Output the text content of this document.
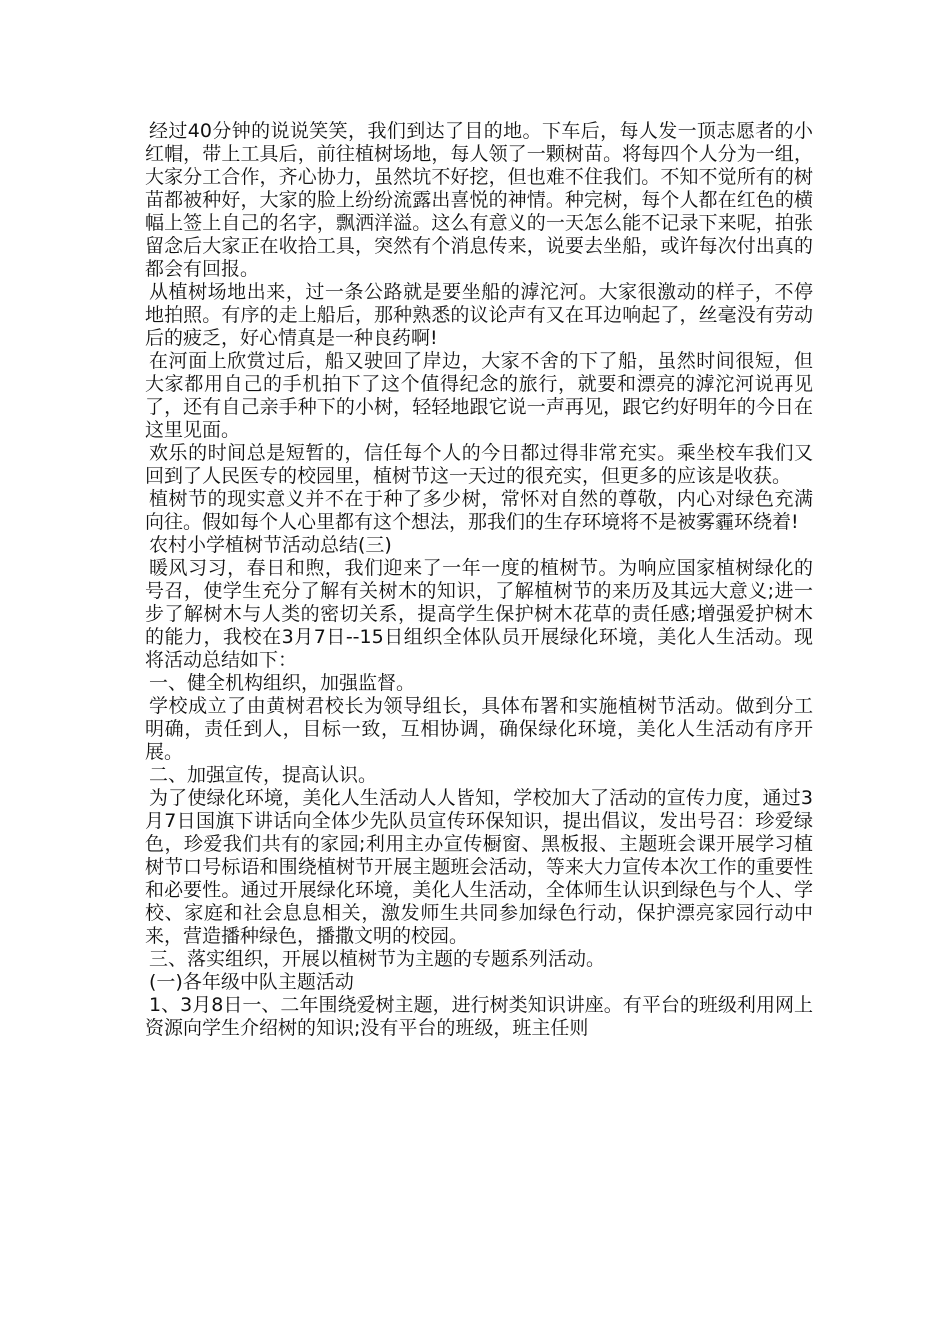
经过40分钟的说说笑笑，我们到达了目的地。下车后，每人发一顶志愿者的小红帽，带上工具后，前往植树场地，每人领了一颗树苗。将每四个人分为一组，大家分工合作，齐心协力，虽然坑不好挖，但也难不住我们。不知不觉所有的树苗都被种好，大家的脸上纷纷流露出喜悦的神情。种完树，每个人都在红色的横幅上签上自己的名字，飘洒洋溢。这么有意义的一天怎么能不记录下来呢，拍张留念后大家正在收拾工具，突然有个消息传来，说要去坐船，或许每次付出真的都会有回报。

从植树场地出来，过一条公路就是要坐船的滹沱河。大家很激动的样子，不停地拍照。有序的走上船后，那种熟悉的议论声有又在耳边响起了，丝毫没有劳动后的疲乏，好心情真是一种良药啊!

在河面上欣赏过后，船又驶回了岸边，大家不舍的下了船，虽然时间很短，但大家都用自己的手机拍下了这个值得纪念的旅行，就要和漂亮的滹沱河说再见了，还有自己亲手种下的小树，轻轻地跟它说一声再见，跟它约好明年的今日在这里见面。

欢乐的时间总是短暂的，信任每个人的今日都过得非常充实。乘坐校车我们又回到了人民医专的校园里，植树节这一天过的很充实，但更多的应该是收获。

植树节的现实意义并不在于种了多少树，常怀对自然的尊敬，内心对绿色充满向往。假如每个人心里都有这个想法，那我们的生存环境将不是被雾霾环绕着!

农村小学植树节活动总结(三)

暖风习习，春日和煦，我们迎来了一年一度的植树节。为响应国家植树绿化的号召，使学生充分了解有关树木的知识，了解植树节的来历及其远大意义;进一步了解树木与人类的密切关系，提高学生保护树木花草的责任感;增强爱护树木的能力，我校在3月7日--15日组织全体队员开展绿化环境，美化人生活动。现将活动总结如下：

一、健全机构组织，加强监督。

学校成立了由黄树君校长为领导组长，具体布署和实施植树节活动。做到分工明确，责任到人，目标一致，互相协调，确保绿化环境，美化人生活动有序开展。

二、加强宣传，提高认识。

为了使绿化环境，美化人生活动人人皆知，学校加大了活动的宣传力度，通过3月7日国旗下讲话向全体少先队员宣传环保知识，提出倡议，发出号召：珍爱绿色，珍爱我们共有的家园;利用主办宣传橱窗、黑板报、主题班会课开展学习植树节口号标语和围绕植树节开展主题班会活动，等来大力宣传本次工作的重要性和必要性。通过开展绿化环境，美化人生活动，全体师生认识到绿色与个人、学校、家庭和社会息息相关，激发师生共同参加绿色行动，保护漂亮家园行动中来，营造播种绿色，播撒文明的校园。

三、落实组织，开展以植树节为主题的专题系列活动。

(一)各年级中队主题活动

1、3月8日一、二年围绕爱树主题，进行树类知识讲座。有平台的班级利用网上资源向学生介绍树的知识;没有平台的班级，班主任则
